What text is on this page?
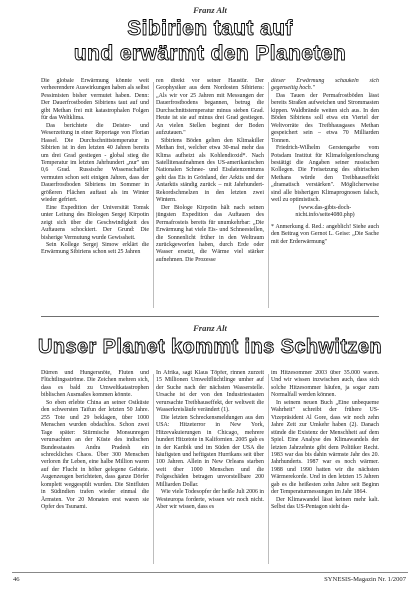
Franz Alt
Sibirien taut auf
und erwärmt den Planeten

Die globale Erwärmung könnte weit verheerendere Auswirkungen haben als selbst Pessimisten bisher vermutet haben. Denn: Der Dauerfrostboden Sibiriens taut auf und gibt Methan frei mit katastrophalen Folgen für das Weltklima.

Das berichtete die Deister- und Weserzeitung in einer Reportage von Florian Hassel. Die Durchschnittstemperatur in Sibirien ist in den letzten 40 Jahren bereits um drei Grad gestiegen - global stieg die Temperatur im letzten Jahrhundert „nur" um 0,6 Grad. Russische Wissenschaftler vermuten schon seit einigen Jahren, dass der Dauerfrostboden Sibiriens im Sommer in größeren Flächen auftaut als im Winter wieder gefriert.

Eine Expedition der Universität Tomsk unter Leitung des Biologen Sergej Kirpotin zeigt sich über die Geschwindigkeit des Auftauens schockiert. Der Grund: Die bisherige Vermutung wurde Gewissheit.

Sein Kollege Sergej Simow erklärt die Erwärmung Sibiriens schon seit 25 Jahren

ren direkt vor seiner Haustür. Der Geophysiker aus dem Nordosten Sibiriens: „Als wir vor 25 Jahren mit Messungen der Dauerfrostbodens begannen, betrug die Durchschnittstemperatur minus sieben Grad. Heute ist sie auf minus drei Grad gestiegen. An vielen Stellen beginnt der Boden aufzutauen."

Sibiriens Böden gelten den Klimakiller Methan frei, welcher etwa 30-mal mehr das Klima aufheizt als Kohlendioxid*. Nach Satellitenaufnahmen des US-amerikanischen Nationalen Schnee- und Eisdatenzentrums geht das Eis in Grönland, der Arktis und der Antarktis ständig zurück – mit Jahrhundert-Rekordschmelzen in den letzten zwei Wintern.

Der Biologe Kirpotin hält nach seinen jüngsten Expedition das Auftauen des Permafrosteis bereits für unumkehrbar: „Die Erwärmung hat viele Eis- und Schneestellen, die Sonnenlicht früher in den Weltraum zurückgeworfen haben, durch Erde oder Wasser ersetzt, die Wärme viel stärker aufnehmen. Die Prozesse

dieser Erwärmung schaukeln sich gegenseitig hoch."

Das Tauen der Permafrostböden lässt bereits Straßen aufweichen und Strommasten kippen. Waldbrände weiten sich aus. In den Böden Sibiriens soll etwa ein Viertel der Weltvorräte des Treibhausgases Methan gespeichert sein – etwa 70 Milliarden Tonnen.

Friedrich-Wilhelm Gerstengarbe vom Potsdam Institut für Klimafolgenforschung bestätigt die Angaben seiner russischen Kollegen. Die Freisetzung des sibirischen Methans würde den Treibhauseffekt „dramatisch verstärken". Möglicherweise sind alle bisherigen Klimaprognosen falsch, weil zu optimistisch.

(www.das-gibts-doch-nicht.info/seite4080.php)

* Anmerkung d. Red.: angeblich! Siehe auch den Beitrag von Gernot L. Geise: „Die Sache mit der Erderwärmung"

Franz Alt
Unser Planet kommt ins Schwitzen

Dürren und Hungersnöte, Fluten und Flüchtlingsströme. Die Zeichen mehren sich, dass es bald zu Umweltkatastrophen biblischen Ausmaßes kommen könnte.

So eben erlebte China an seiner Ostküste den schwersten Taifun der letzten 50 Jahre. 255 Tote und 29 beklagen, über 1000 Menschen wurden obdachlos. Schon zwei Tage später: Stürmische Monsunregen verursachten an der Küste des indischen Bundesstaates Andra Pradesh ein schreckliches Chaos. Über 300 Menschen verloren ihr Leben, eine halbe Million waren auf der Flucht in höher gelegene Gebiete. Augenzeugen berichteten, dass ganze Dörfer komplett weggespült wurden. Die Sintfluten in Südindien trafen wieder einmal die Ärmsten. Vor 20 Monaten erst waren sie Opfer des Tsunami.

In Afrika, sagt Klaus Töpfer, rinnen zurzeit 15 Millionen Umweltflüchtlinge umher auf der Suche nach der nächsten Wasserstelle. Ursache ist der von den Industriestaaten verursachte Treibhauseffekt, der weltweit die Wasserkreisläufe verändert (1).

Die letzten Schreckensmeldungen aus den USA: Hitzeterror in New York, Hitzevakuierungen in Chicago, mehrere hundert Hitzetote in Kalifornien. 2005 gab es in der Karibik und im Süden der USA die häufigsten und heftigsten Hurrikans seit über 100 Jahren. Allein in New Orleans starben weit über 1000 Menschen und die Folgeschäden betragen unvorstellbare 200 Milliarden Dollar.

Wie viele Todesopfer der heiße Juli 2006 in Westeuropa forderte, wissen wir noch nicht. Aber wir wissen, dass es

im Hitzesommer 2003 über 35.000 waren. Und wir wissen inzwischen auch, dass sich solche Hitzesommer häufen, ja sogar zum Normalfall werden können.

In seinem neuen Buch „Eine unbequeme Wahrheit" schreibt der frühere US-Vizepräsident Al Gore, dass wir noch zehn Jahre Zeit zur Umkehr haben (2). Danach stünde die Existenz der Menschheit auf dem Spiel. Eine Analyse des Klimawandels der letzten Jahrzehnte gibt dem Politiker Recht. 1983 war das bis dahin wärmste Jahr des 20. Jahrhunderts. 1987 war es noch wärmer. 1988 und 1990 hatten wir die nächsten Wärmerekorde. Und in den letzten 15 Jahren gab es die heißesten zehn Jahre seit Beginn der Temperaturmessungen im Jahr 1864.

Der Klimawandel lässt keinen mehr kalt. Selbst das US-Pentagon sieht da-

46	SYNESIS-Magazin Nr. 1/2007
